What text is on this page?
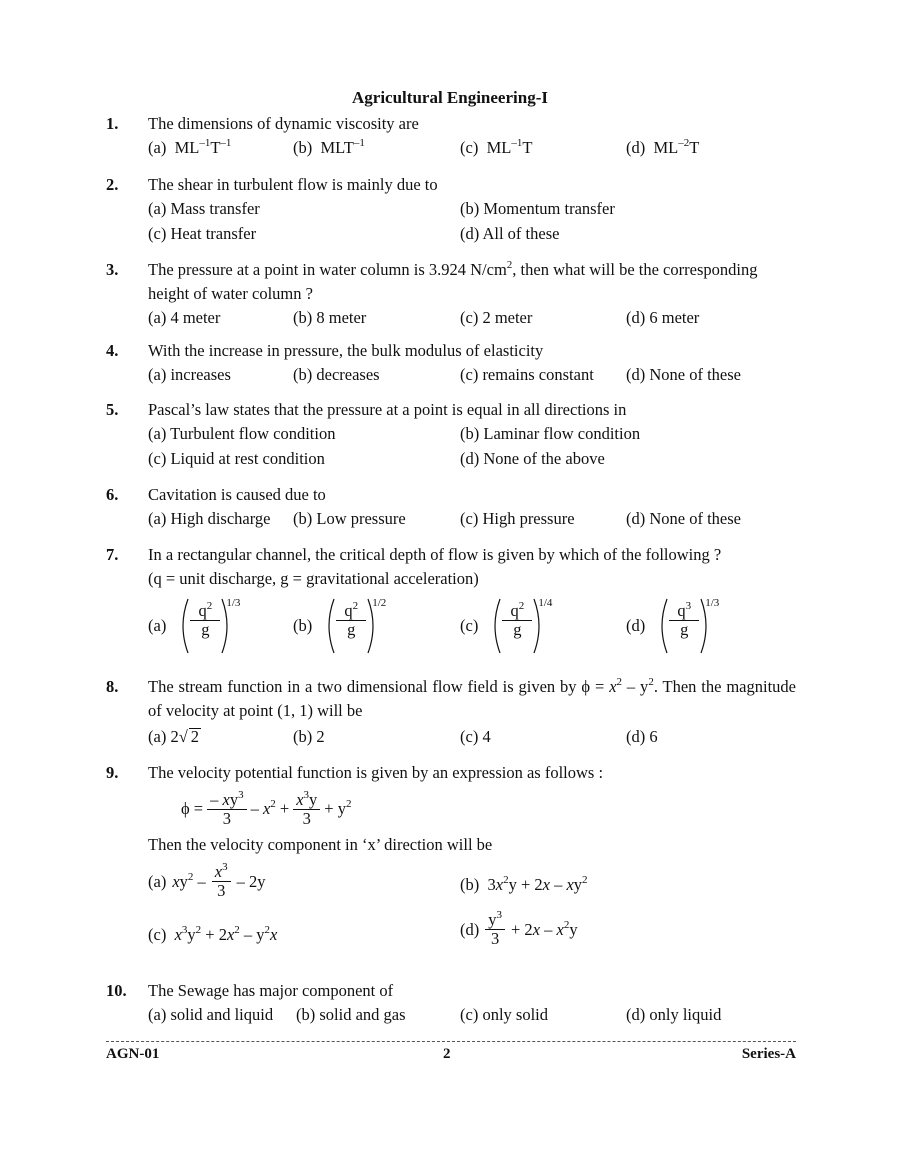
Agricultural Engineering-I
1. The dimensions of dynamic viscosity are
(a)  $ML^{-1}T^{-1}$	(b)  $MLT^{-1}$	(c)  $ML^{-1}T$	(d)  $ML^{-2}T$
2. The shear in turbulent flow is mainly due to
(a) Mass transfer	(b) Momentum transfer
(c) Heat transfer	(d) All of these
3. The pressure at a point in water column is 3.924 $N/cm^2$, then what will be the corresponding height of water column ?
(a) 4 meter	(b) 8 meter	(c) 2 meter	(d) 6 meter
4. With the increase in pressure, the bulk modulus of elasticity
(a) increases	(b) decreases	(c) remains constant (d) None of these
5. Pascal’s law states that the pressure at a point is equal in all directions in
(a) Turbulent flow condition	(b) Laminar flow condition
(c) Liquid at rest condition	(d) None of the above
6. Cavitation is caused due to
(a) High discharge (b) Low pressure	(c) High pressure	(d) None of these
7. In a rectangular channel, the critical depth of flow is given by which of the following ?
(q = unit discharge, g = gravitational acceleration)
$(a) \frac{q^2}{g} 1/3$
$(b) \frac{q^2}{g} 1/2$
$(c) \frac{q^2}{g} 1/4$
$(d) \frac{q^3}{g} 1/3$
8. The stream function in a two dimensional flow field is given by $\phi = x^2 - y^2$. Then the magnitude of velocity at point (1, 1) will be
(a) 2√ 2	(b) 2	(c) 4	(d) 6
9. The velocity potential function is given by an expression as follows :
$\phi = \frac{- xy^3}{3} - x^2 + \frac{x^3y}{3} + y^2$
Then the velocity component in ‘x’ direction will be
(a) $xy^2 - \frac{x^3}{3} - 2y$	(b)  $3x^2y + 2x - xy^2$
(c) $x^3y^2 + 2x^2 - y^2x$	$(d) \frac{y^3}{3} + 2x - x^2y$
10. The Sewage has major component of
(a) solid and liquid (b) solid and gas	(c) only solid	(d) only liquid
AGN-01	2	Series-A
